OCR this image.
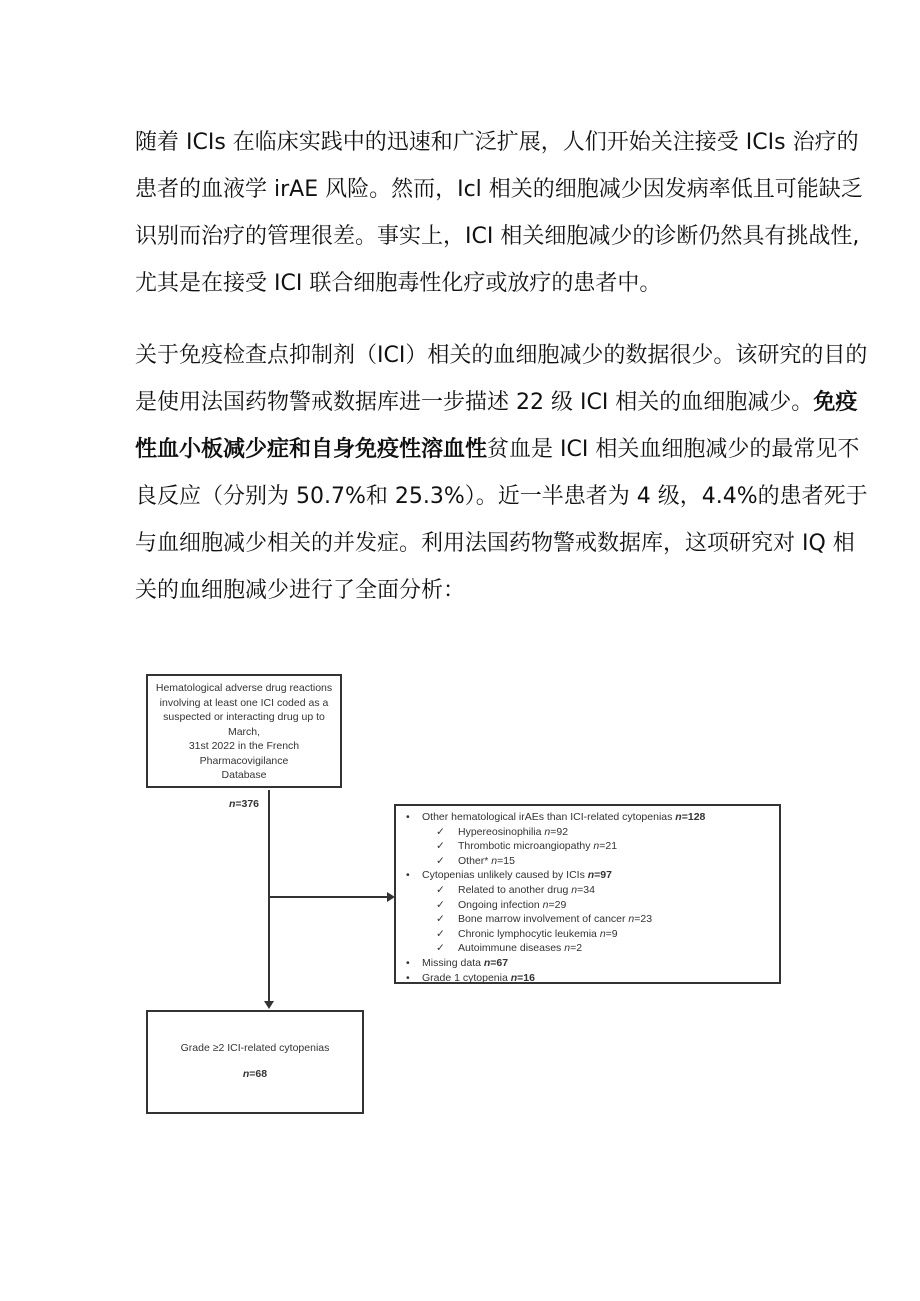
随着 ICIs 在临床实践中的迅速和广泛扩展，人们开始关注接受 ICIs 治疗的
患者的血液学 irAE 风险。然而，Icl 相关的细胞减少因发病率低且可能缺乏
识别而治疗的管理很差。事实上，ICI 相关细胞减少的诊断仍然具有挑战性,
尤其是在接受 ICI 联合细胞毒性化疗或放疗的患者中。
关于免疫检查点抑制剂（ICI）相关的血细胞减少的数据很少。该研究的目的
是使用法国药物警戒数据库进一步描述 22 级 ICI 相关的血细胞减少。免疫
性血小板减少症和自身免疫性溶血性贫血是 ICI 相关血细胞减少的最常见不
良反应（分别为 50.7%和 25.3%）。近一半患者为 4 级，4.4%的患者死于
与血细胞减少相关的并发症。利用法国药物警戒数据库，这项研究对 IQ 相
关的血细胞减少进行了全面分析：
Hematological adverse drug reactions
involving at least one ICI coded as a
suspected or interacting drug up to March,
31st 2022 in the French Pharmacovigilance
Database
n=376
•	Other hematological irAEs than ICI-related cytopenias n=128
✓	Hypereosinophilia n=92
✓	Thrombotic microangiopathy n=21
✓	Other* n=15
•	Cytopenias unlikely caused by ICIs n=97
✓	Related to another drug n=34
✓	Ongoing infection n=29
✓	Bone marrow involvement of cancer n=23
✓	Chronic lymphocytic leukemia n=9
✓	Autoimmune diseases n=2
•	Missing data n=67
•	Grade 1 cytopenia n=16
Grade ≥2 ICI-related cytopenias
n=68
